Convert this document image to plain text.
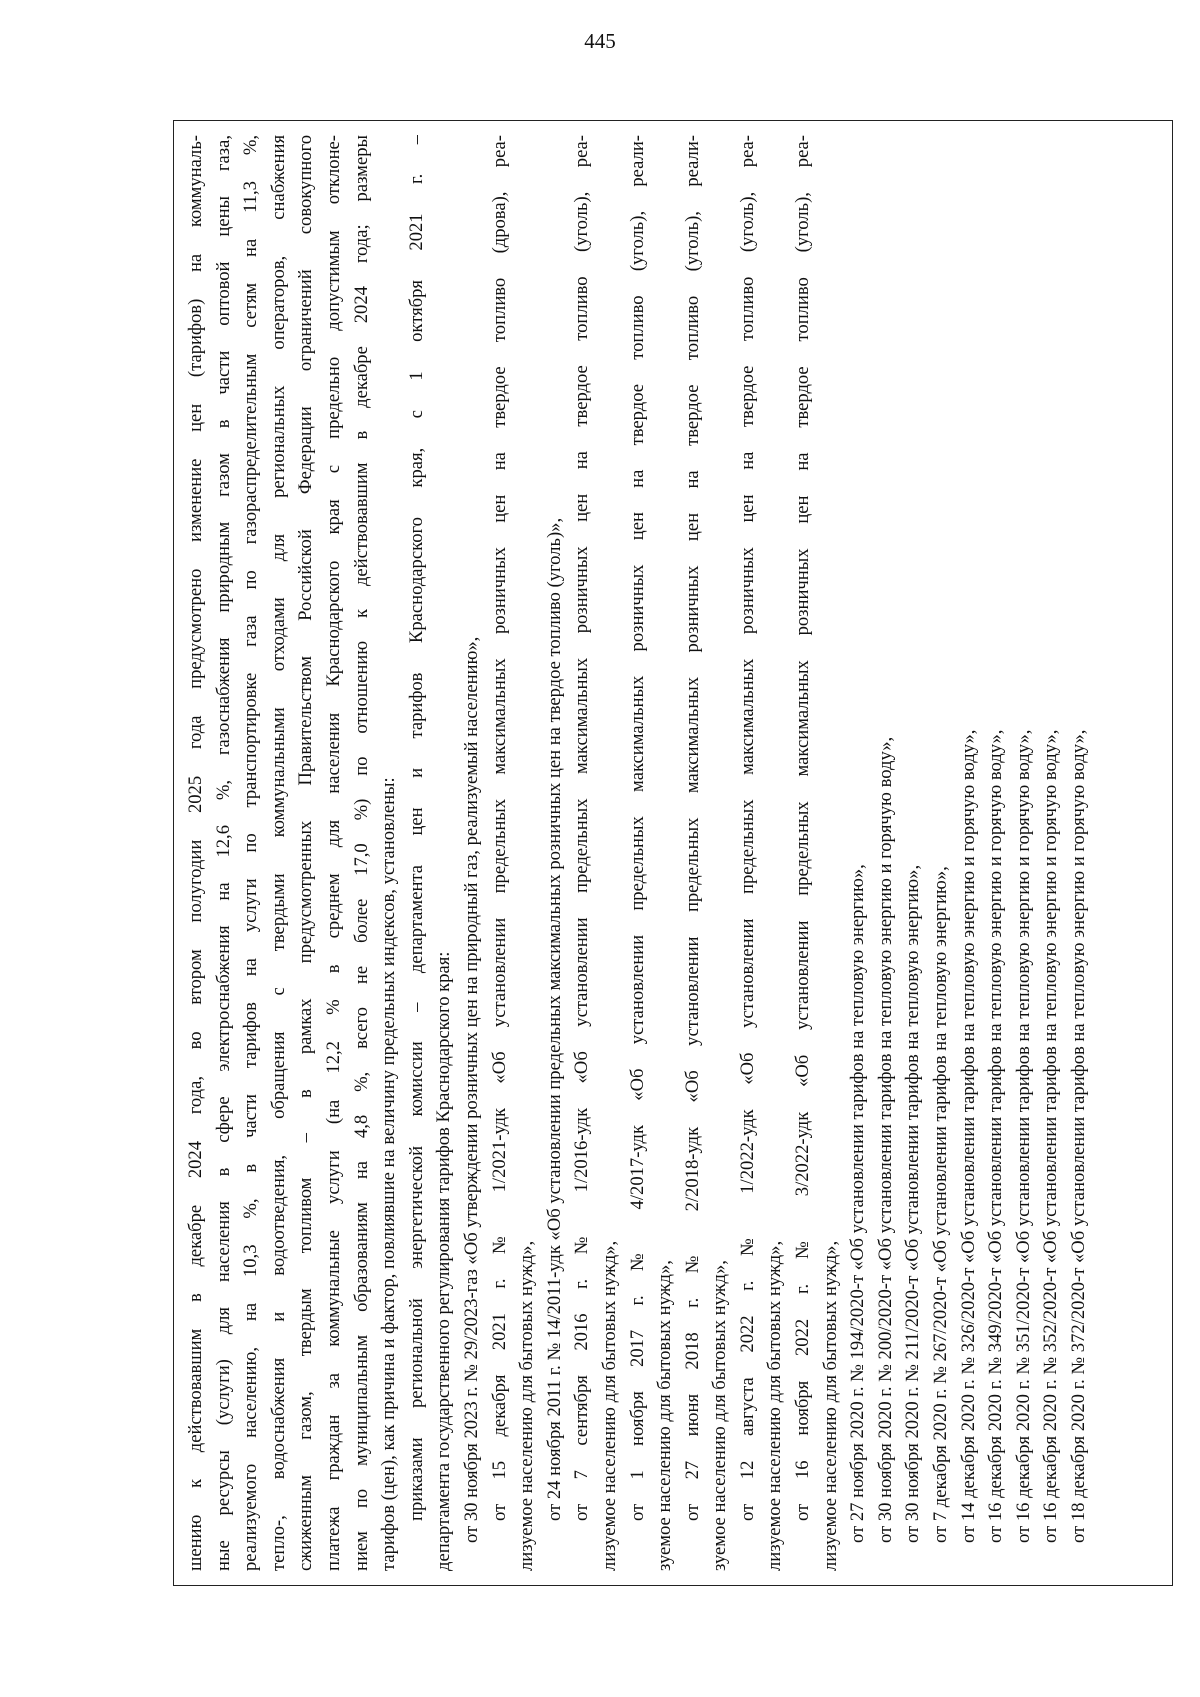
445
шению к действовавшим в декабре 2024 года, во втором полугодии 2025 года предусмотрено изменение цен (тарифов) на коммуналь- ные ресурсы (услуги) для населения в сфере электроснабжения на 12,6 %, газоснабжения природным газом в части оптовой цены газа, реализуемого населению, на 10,3 %, в части тарифов на услуги по транспортировке газа по газораспределительным сетям на 11,3 %, тепло-, водоснабжения и водоотведения, обращения с твердыми коммунальными отходами для региональных операторов, снабжения сжиженным газом, твердым топливом – в рамках предусмотренных Правительством Российской Федерации ограничений совокупного платежа граждан за коммунальные услуги (на 12,2 % в среднем для населения Краснодарского края с предельно допустимым отклоне- нием по муниципальным образованиям на 4,8 %, всего не более 17,0 %) по отношению к действовавшим в декабре 2024 года; размеры тарифов (цен), как причина и фактор, повлиявшие на величину предельных индексов, установлены: приказами региональной энергетической комиссии – департамента цен и тарифов Краснодарского края, с 1 октября 2021 г. – департамента государственного регулирования тарифов Краснодарского края: от 30 ноября 2023 г. № 29/2023-газ «Об утверждении розничных цен на природный газ, реализуемый населению», от 15 декабря 2021 г. № 1/2021-удк «Об установлении предельных максимальных розничных цен на твердое топливо (дрова), реа- лизуемое населению для бытовых нужд», от 24 ноября 2011 г. № 14/2011-удк «Об установлении предельных максимальных розничных цен на твердое топливо (уголь)», от 7 сентября 2016 г. № 1/2016-удк «Об установлении предельных максимальных розничных цен на твердое топливо (уголь), реа- лизуемое населению для бытовых нужд», от 1 ноября 2017 г. № 4/2017-удк «Об установлении предельных максимальных розничных цен на твердое топливо (уголь), реали- зуемое населению для бытовых нужд», от 27 июня 2018 г. № 2/2018-удк «Об установлении предельных максимальных розничных цен на твердое топливо (уголь), реали- зуемое населению для бытовых нужд», от 12 августа 2022 г. № 1/2022-удк «Об установлении предельных максимальных розничных цен на твердое топливо (уголь), реа- лизуемое населению для бытовых нужд», от 16 ноября 2022 г. № 3/2022-удк «Об установлении предельных максимальных розничных цен на твердое топливо (уголь), реа- лизуемое населению для бытовых нужд», от 27 ноября 2020 г. № 194/2020-т «Об установлении тарифов на тепловую энергию», от 30 ноября 2020 г. № 200/2020-т «Об установлении тарифов на тепловую энергию и горячую воду», от 30 ноября 2020 г. № 211/2020-т «Об установлении тарифов на тепловую энергию», от 7 декабря 2020 г. № 267/2020-т «Об установлении тарифов на тепловую энергию», от 14 декабря 2020 г. № 326/2020-т «Об установлении тарифов на тепловую энергию и горячую воду», от 16 декабря 2020 г. № 349/2020-т «Об установлении тарифов на тепловую энергию и горячую воду», от 16 декабря 2020 г. № 351/2020-т «Об установлении тарифов на тепловую энергию и горячую воду», от 16 декабря 2020 г. № 352/2020-т «Об установлении тарифов на тепловую энергию и горячую воду», от 18 декабря 2020 г. № 372/2020-т «Об установлении тарифов на тепловую энергию и горячую воду»,
